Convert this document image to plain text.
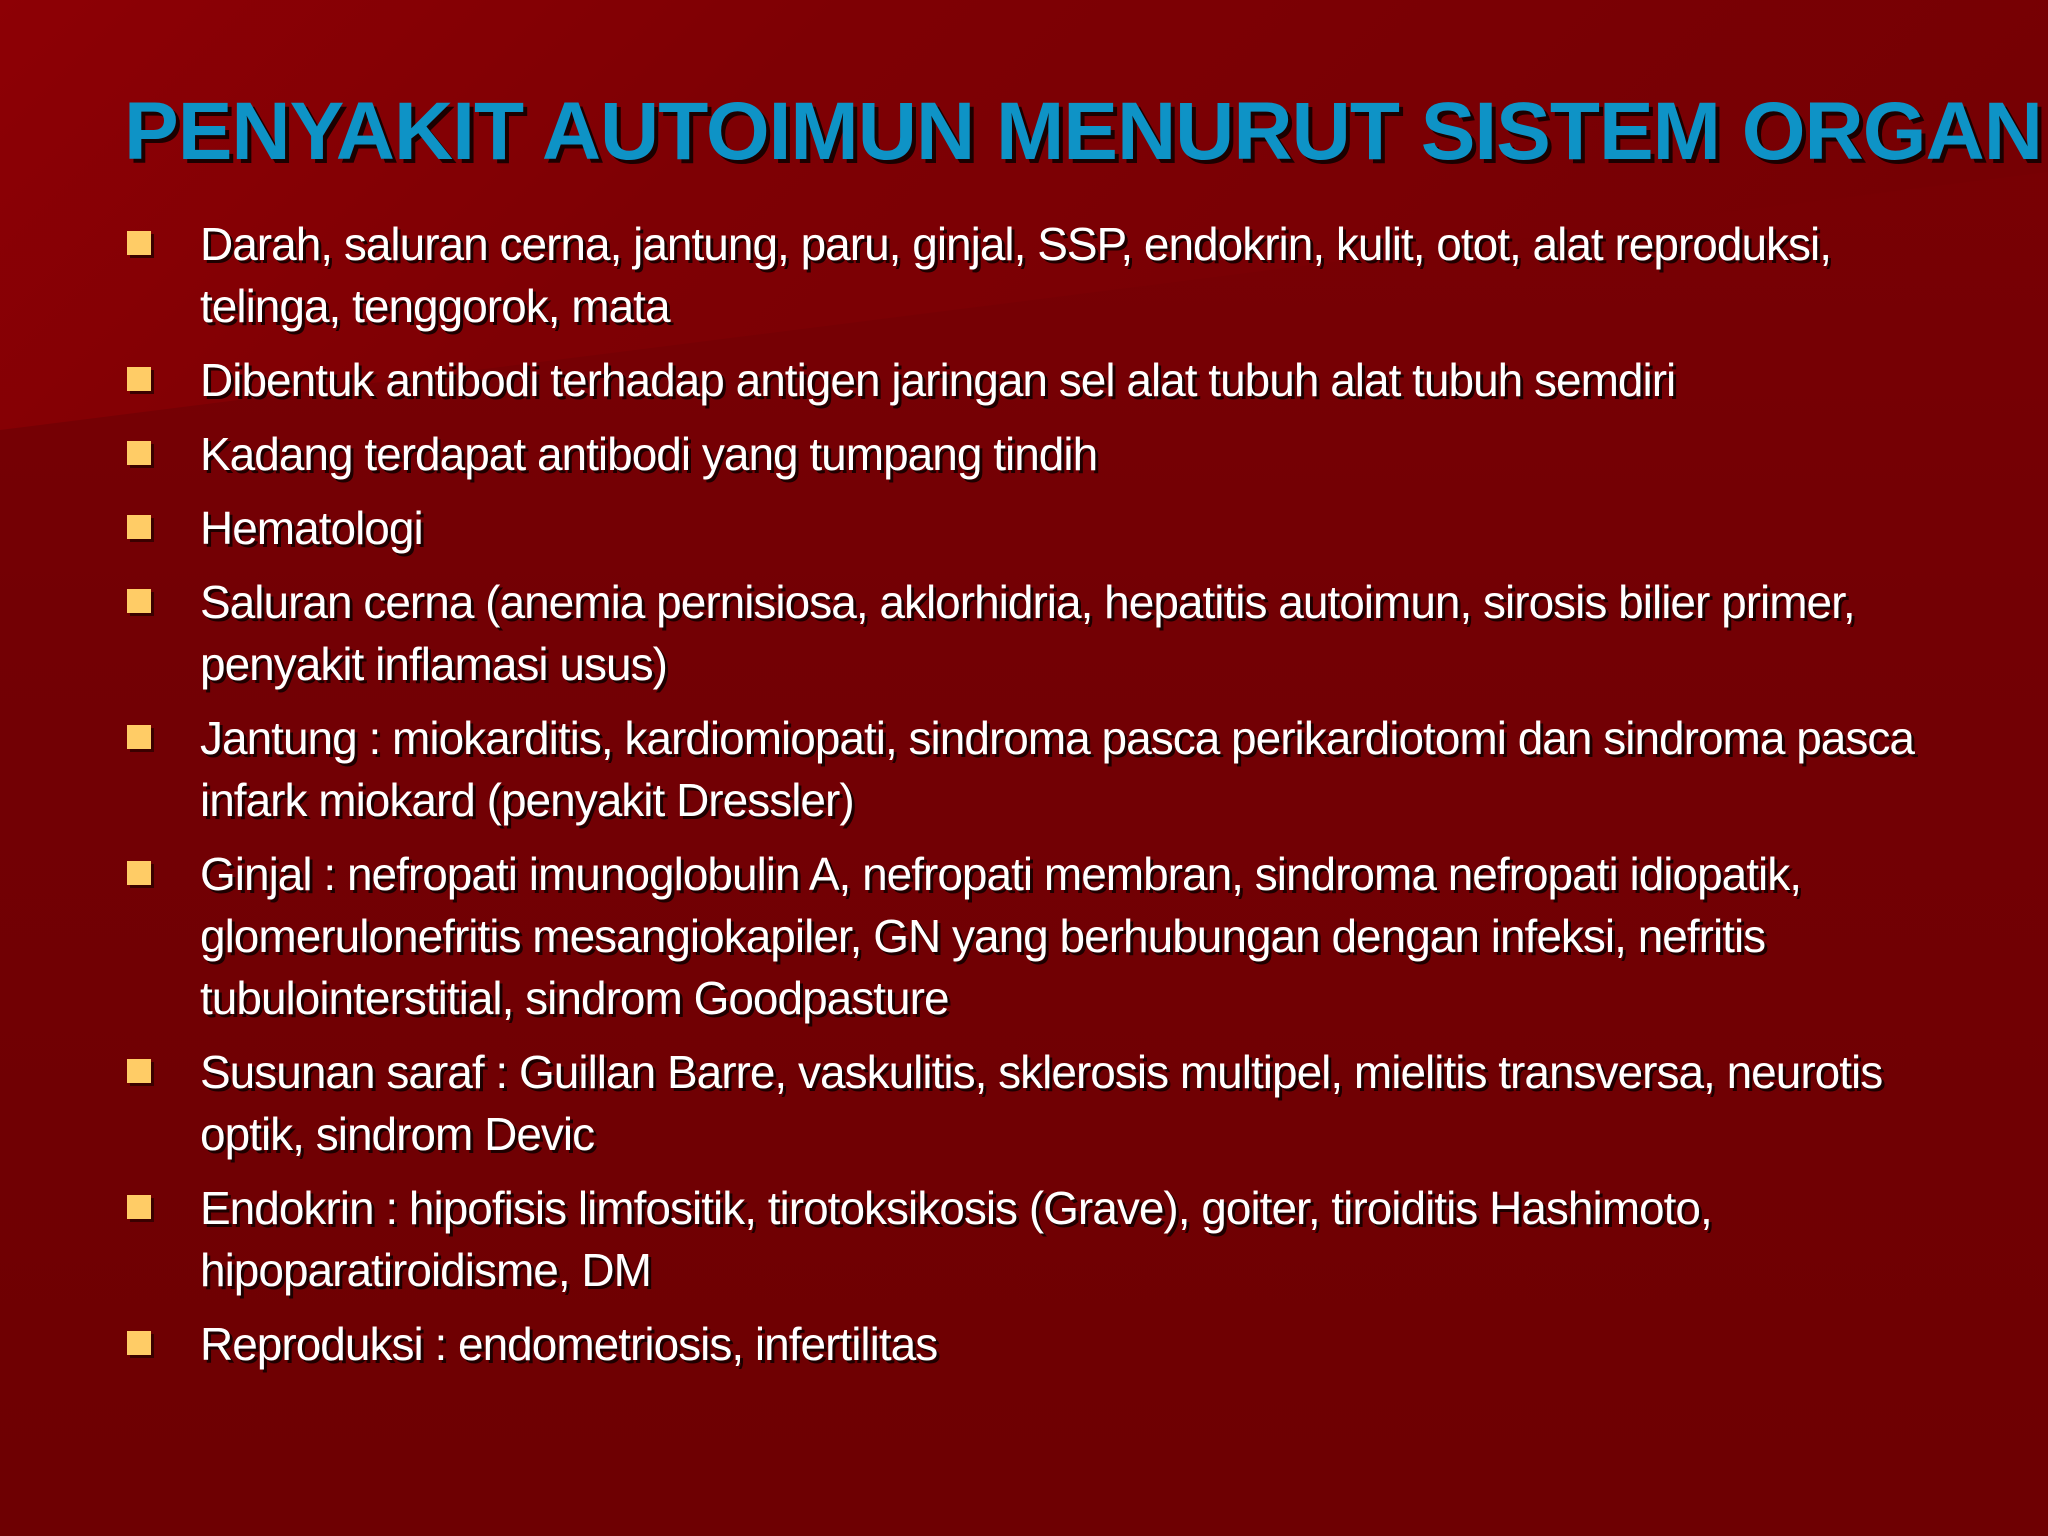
PENYAKIT AUTOIMUN MENURUT SISTEM ORGAN
Darah, saluran cerna, jantung, paru, ginjal, SSP, endokrin, kulit, otot, alat reproduksi, telinga, tenggorok, mata
Dibentuk antibodi terhadap antigen jaringan sel alat tubuh alat tubuh semdiri
Kadang terdapat antibodi yang tumpang tindih
Hematologi
Saluran cerna (anemia pernisiosa, aklorhidria, hepatitis autoimun, sirosis bilier primer, penyakit inflamasi usus)
Jantung : miokarditis, kardiomiopati, sindroma pasca perikardiotomi dan sindroma pasca infark miokard (penyakit Dressler)
Ginjal : nefropati imunoglobulin A, nefropati membran, sindroma nefropati idiopatik, glomerulonefritis mesangiokapiler, GN yang berhubungan dengan infeksi, nefritis tubulointerstitial, sindrom Goodpasture
Susunan saraf : Guillan Barre, vaskulitis, sklerosis multipel, mielitis transversa, neurotis optik, sindrom Devic
Endokrin : hipofisis limfositik, tirotoksikosis (Grave), goiter, tiroiditis Hashimoto, hipoparatiroidisme, DM
Reproduksi : endometriosis, infertilitas
